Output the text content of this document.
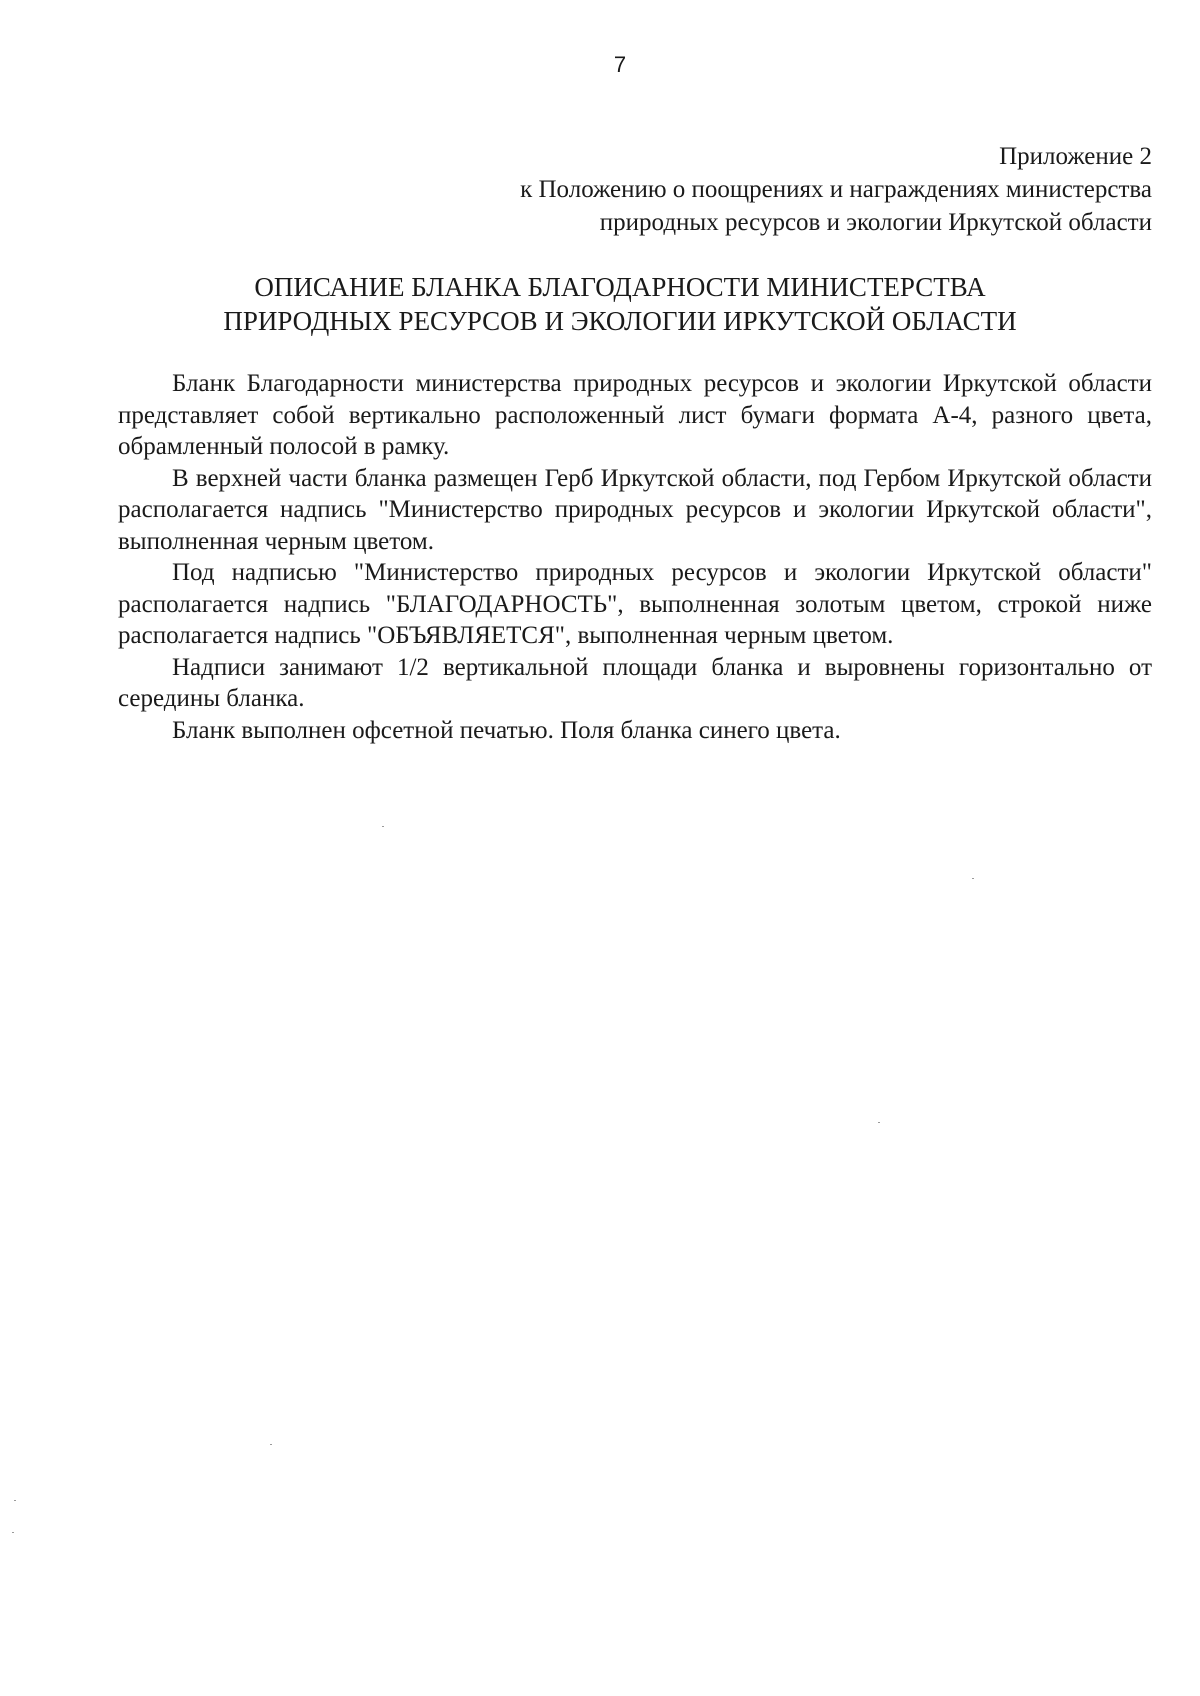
7
Приложение 2
к Положению о поощрениях и награждениях министерства
природных ресурсов и экологии Иркутской области
ОПИСАНИЕ БЛАНКА БЛАГОДАРНОСТИ МИНИСТЕРСТВА
ПРИРОДНЫХ РЕСУРСОВ И ЭКОЛОГИИ ИРКУТСКОЙ ОБЛАСТИ

Бланк Благодарности министерства природных ресурсов и экологии Иркутской области представляет собой вертикально расположенный лист бумаги формата А-4, разного цвета, обрамленный полосой в рамку.

В верхней части бланка размещен Герб Иркутской области, под Гербом Иркутской области располагается надпись "Министерство природных ресурсов и экологии Иркутской области", выполненная черным цветом.

Под надписью "Министерство природных ресурсов и экологии Иркутской области" располагается надпись "БЛАГОДАРНОСТЬ", выполненная золотым цветом, строкой ниже располагается надпись "ОБЪЯВЛЯЕТСЯ", выполненная черным цветом.

Надписи занимают 1/2 вертикальной площади бланка и выровнены горизонтально от середины бланка.

Бланк выполнен офсетной печатью. Поля бланка синего цвета.
